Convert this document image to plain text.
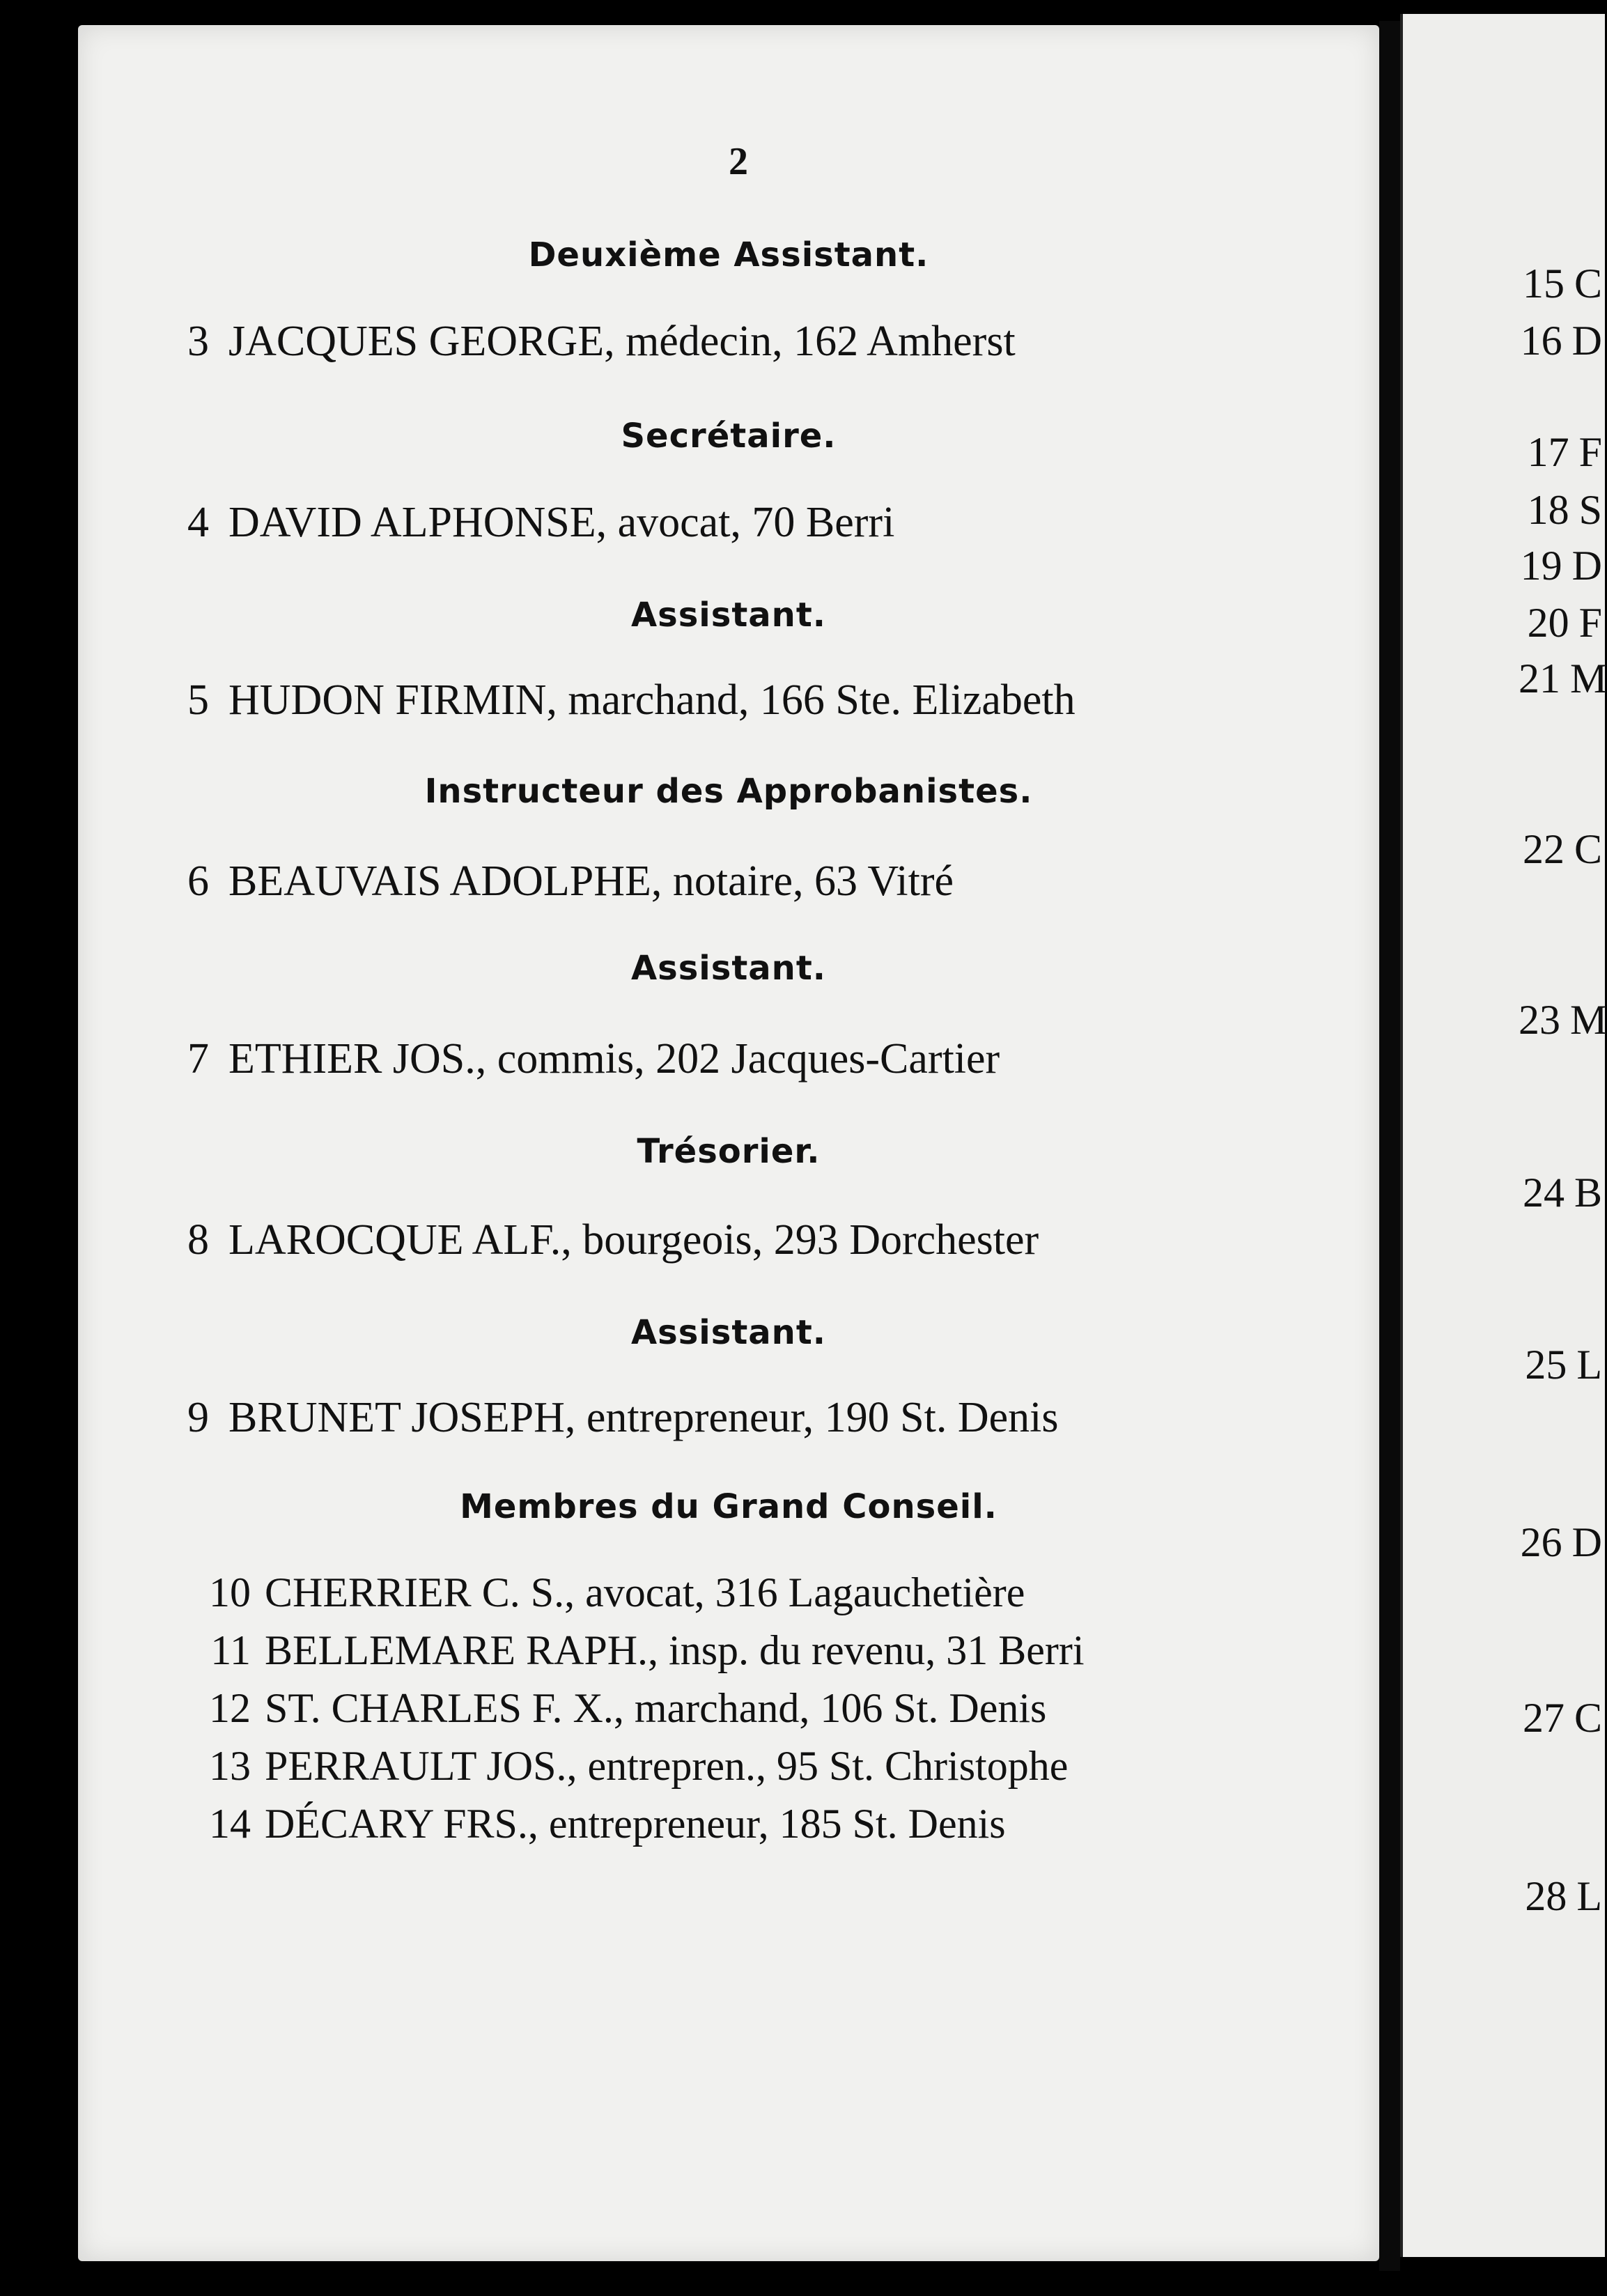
2
Deuxième Assistant.
3 JACQUES GEORGE, médecin, 162 Amherst
Secrétaire.
4 DAVID ALPHONSE, avocat, 70 Berri
Assistant.
5 HUDON FIRMIN, marchand, 166 Ste. Elizabeth
Instructeur des Approbanistes.
6 BEAUVAIS ADOLPHE, notaire, 63 Vitré
Assistant.
7 ETHIER JOS., commis, 202 Jacques-Cartier
Trésorier.
8 LAROCQUE ALF., bourgeois, 293 Dorchester
Assistant.
9 BRUNET JOSEPH, entrepreneur, 190 St. Denis
Membres du Grand Conseil.
10 CHERRIER C. S., avocat, 316 Lagauchetière
11 BELLEMARE RAPH., insp. du revenu, 31 Berri
12 ST. CHARLES F. X., marchand, 106 St. Denis
13 PERRAULT JOS., entrepren., 95 St. Christophe
14 DÉCARY FRS., entrepreneur, 185 St. Denis
15 C
16 D
17 F
18 S
19 D
20 F
21 M
22 C
23 M
24 B
25 L
26 D
27 C
28 L
